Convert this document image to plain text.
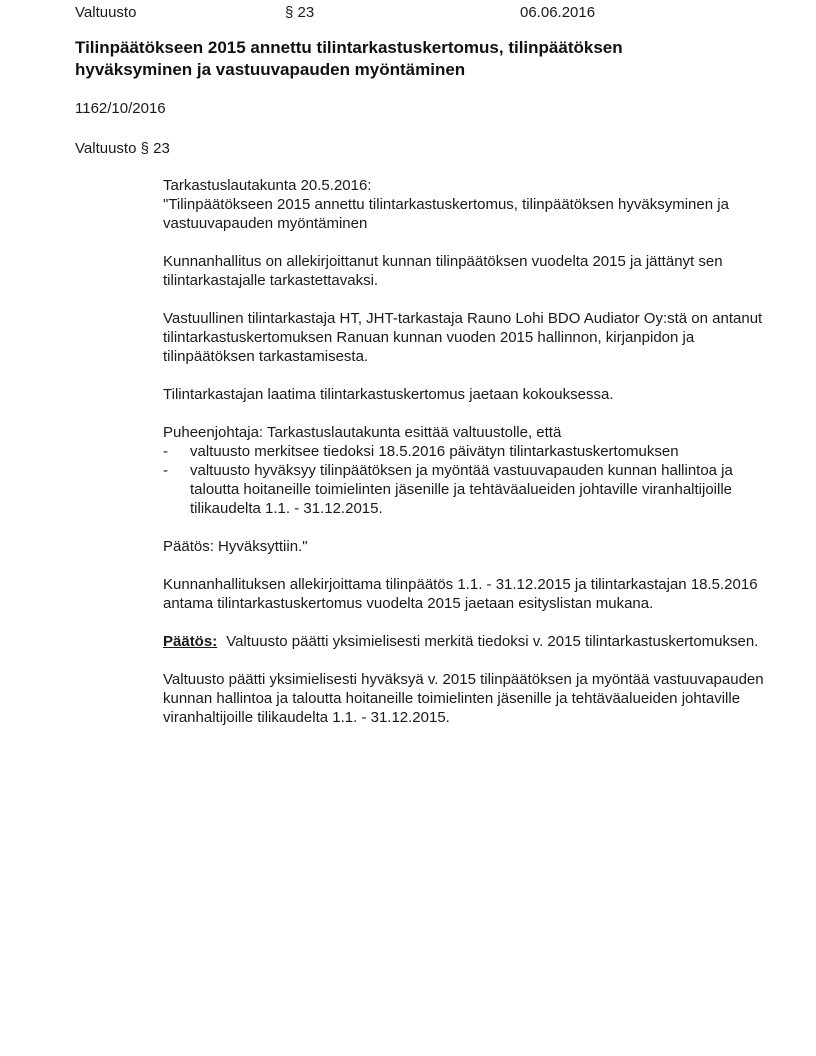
Valtuusto	§ 23	06.06.2016
Tilinpäätökseen 2015 annettu tilintarkastuskertomus, tilinpäätöksen hyväksyminen ja vastuuvapauden myöntäminen
1162/10/2016
Valtuusto § 23

Tarkastuslautakunta 20.5.2016:
"Tilinpäätökseen 2015 annettu tilintarkastuskertomus, tilinpäätöksen hyväksyminen ja vastuuvapauden myöntäminen

Kunnanhallitus on allekirjoittanut kunnan tilinpäätöksen vuodelta 2015 ja jättänyt sen tilintarkastajalle tarkastettavaksi.

Vastuullinen tilintarkastaja HT, JHT-tarkastaja Rauno Lohi BDO Audiator Oy:stä on antanut tilintarkastuskertomuksen Ranuan kunnan vuoden 2015 hallinnon, kirjanpidon ja tilinpäätöksen tarkastamisesta.

Tilintarkastajan laatima tilintarkastuskertomus jaetaan kokouksessa.

Puheenjohtaja: Tarkastuslautakunta esittää valtuustolle, että
-	valtuusto merkitsee tiedoksi 18.5.2016 päivätyn tilintarkastuskertomuksen
-	valtuusto hyväksyy tilinpäätöksen ja myöntää vastuuvapauden kunnan hallintoa ja taloutta hoitaneille toimielinten jäsenille ja tehtäväalueiden johtaville viranhaltijoille tilikaudelta 1.1. - 31.12.2015.

Päätös: Hyväksyttiin."

Kunnanhallituksen allekirjoittama tilinpäätös 1.1. - 31.12.2015 ja tilintarkastajan 18.5.2016 antama tilintarkastuskertomus vuodelta 2015 jaetaan esityslistan mukana.

Päätös: Valtuusto päätti yksimielisesti merkitä tiedoksi v. 2015 tilintarkastuskertomuksen.

Valtuusto päätti yksimielisesti hyväksyä v. 2015 tilinpäätöksen ja myöntää vastuuvapauden kunnan hallintoa ja taloutta hoitaneille toimielinten jäsenille ja tehtäväalueiden johtaville viranhaltijoille tilikaudelta 1.1. - 31.12.2015.
